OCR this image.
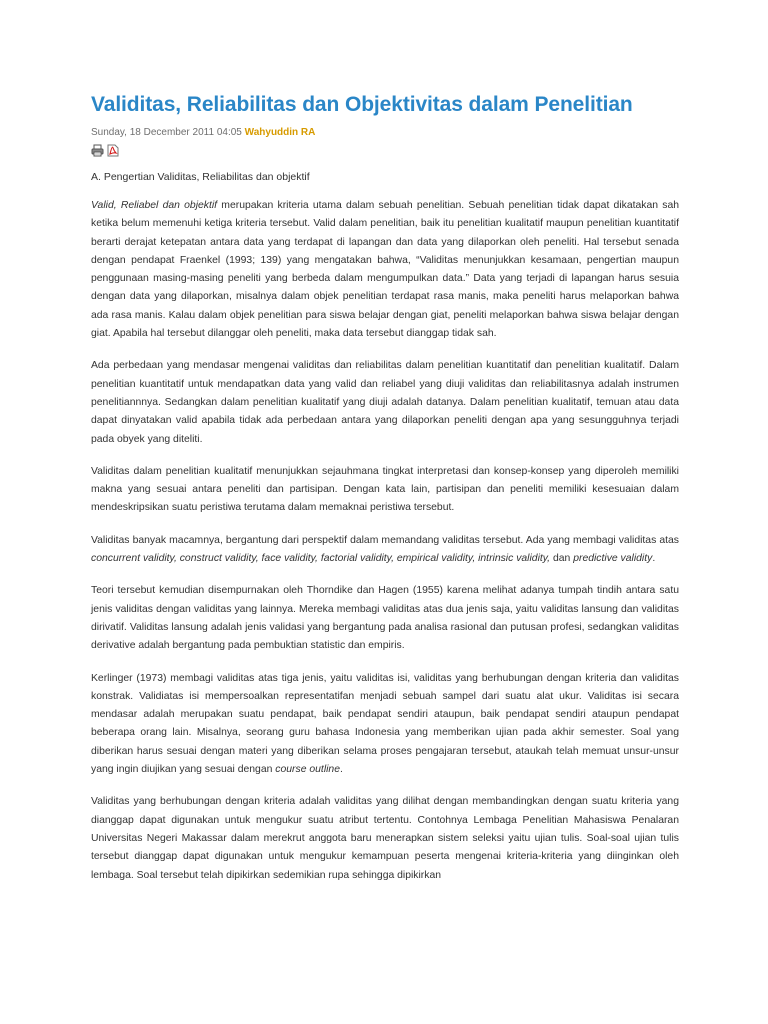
Validitas, Reliabilitas dan Objektivitas dalam Penelitian
Sunday, 18 December 2011 04:05 Wahyuddin RA
A. Pengertian Validitas, Reliabilitas dan objektif

Valid, Reliabel dan objektif merupakan kriteria utama dalam sebuah penelitian. Sebuah penelitian tidak dapat dikatakan sah ketika belum memenuhi ketiga kriteria tersebut. Valid dalam penelitian, baik itu penelitian kualitatif maupun penelitian kuantitatif berarti derajat ketepatan antara data yang terdapat di lapangan dan data yang dilaporkan oleh peneliti. Hal tersebut senada dengan pendapat Fraenkel (1993; 139) yang mengatakan bahwa, “Validitas menunjukkan kesamaan, pengertian maupun penggunaan masing-masing peneliti yang berbeda dalam mengumpulkan data.” Data yang terjadi di lapangan harus sesuia dengan data yang dilaporkan, misalnya dalam objek penelitian terdapat rasa manis, maka peneliti harus melaporkan bahwa ada rasa manis. Kalau dalam objek penelitian para siswa belajar dengan giat, peneliti melaporkan bahwa siswa belajar dengan giat. Apabila hal tersebut dilanggar oleh peneliti, maka data tersebut dianggap tidak sah.

Ada perbedaan yang mendasar mengenai validitas dan reliabilitas dalam penelitian kuantitatif dan penelitian kualitatif. Dalam penelitian kuantitatif untuk mendapatkan data yang valid dan reliabel yang diuji validitas dan reliabilitasnya adalah instrumen penelitiannnya. Sedangkan dalam penelitian kualitatif yang diuji adalah datanya. Dalam penelitian kualitatif, temuan atau data dapat dinyatakan valid apabila tidak ada perbedaan antara yang dilaporkan peneliti dengan apa yang sesungguhnya terjadi pada obyek yang diteliti.

Validitas dalam penelitian kualitatif menunjukkan sejauhmana tingkat interpretasi dan konsep-konsep yang diperoleh memiliki makna yang sesuai antara peneliti dan partisipan. Dengan kata lain, partisipan dan peneliti memiliki kesesuaian dalam mendeskripsikan suatu peristiwa terutama dalam memaknai peristiwa tersebut.

Validitas banyak macamnya, bergantung dari perspektif dalam memandang validitas tersebut. Ada yang membagi validitas atas concurrent validity, construct validity, face validity, factorial validity, empirical validity, intrinsic validity, dan predictive validity.

Teori tersebut kemudian disempurnakan oleh Thorndike dan Hagen (1955) karena melihat adanya tumpah tindih antara satu jenis validitas dengan validitas yang lainnya. Mereka membagi validitas atas dua jenis saja, yaitu validitas lansung dan validitas dirivatif. Validitas lansung adalah jenis validasi yang bergantung pada analisa rasional dan putusan profesi, sedangkan validitas derivative adalah bergantung pada pembuktian statistic dan empiris.

Kerlinger (1973) membagi validitas atas tiga jenis, yaitu validitas isi, validitas yang berhubungan dengan kriteria dan validitas konstrak. Validiatas isi mempersoalkan representatifan menjadi sebuah sampel dari suatu alat ukur. Validitas isi secara mendasar adalah merupakan suatu pendapat, baik pendapat sendiri ataupun, baik pendapat sendiri ataupun pendapat beberapa orang lain. Misalnya, seorang guru bahasa Indonesia yang memberikan ujian pada akhir semester. Soal yang diberikan harus sesuai dengan materi yang diberikan selama proses pengajaran tersebut, ataukah telah memuat unsur-unsur yang ingin diujikan yang sesuai dengan course outline.

Validitas yang berhubungan dengan kriteria adalah validitas yang dilihat dengan membandingkan dengan suatu kriteria yang dianggap dapat digunakan untuk mengukur suatu atribut tertentu. Contohnya Lembaga Penelitian Mahasiswa Penalaran Universitas Negeri Makassar dalam merekrut anggota baru menerapkan sistem seleksi yaitu ujian tulis. Soal-soal ujian tulis tersebut dianggap dapat digunakan untuk mengukur kemampuan peserta mengenai kriteria-kriteria yang diinginkan oleh lembaga. Soal tersebut telah dipikirkan sedemikian rupa sehingga dipikirkan
